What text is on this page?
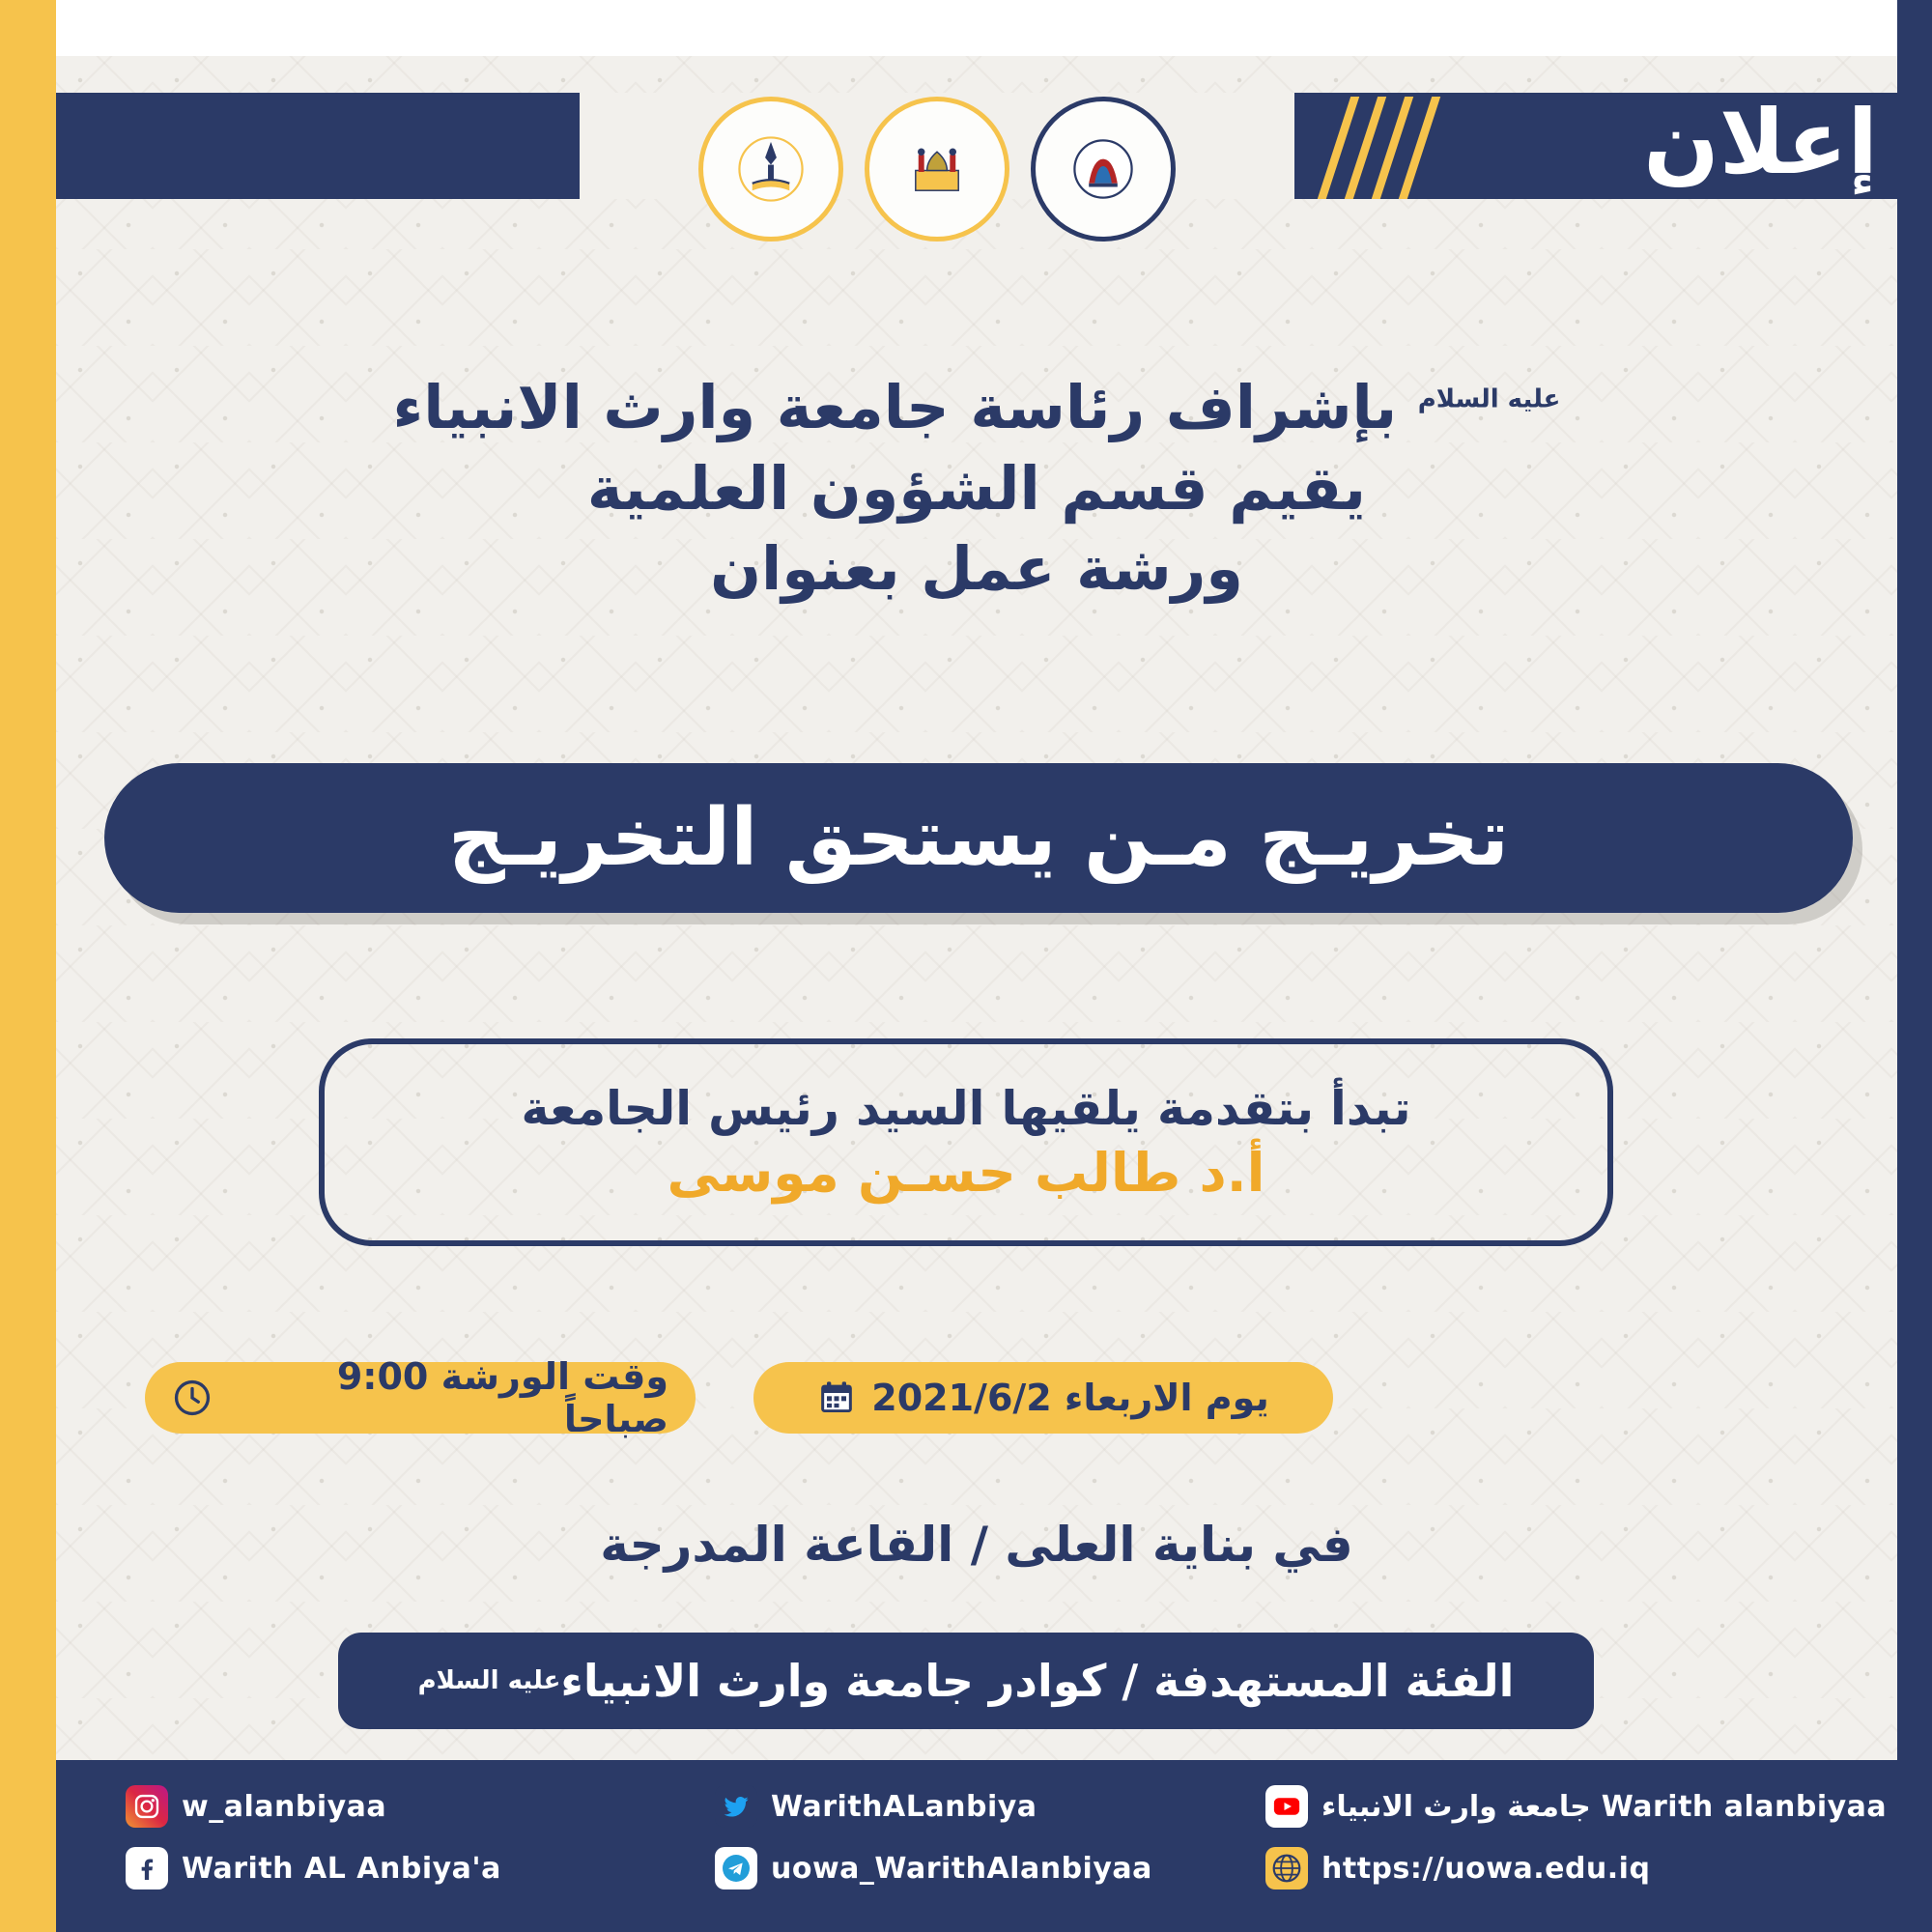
إعلان
$^{عليه السلام}$ بإشراف رئاسة جامعة وارث الانبياء
يقيم قسم الشؤون العلمية
ورشة عمل بعنوان
تخريـج مـن يستحق التخريـج
تبدأ بتقدمة يلقيها السيد رئيس الجامعة
أ.د طالب حسـن موسى
يوم الاربعاء 2021/6/2
وقت الورشة 9:00 صباحاً
في بناية العلى / القاعة المدرجة
الفئة المستهدفة / كوادر جامعة وارث الانبياء
عليه السلام
Warith alanbiyaa جامعة وارث الانبياء
https://uowa.edu.iq
WarithALanbiya
uowa_WarithAlanbiyaa
w_alanbiyaa
Warith AL Anbiya'a
